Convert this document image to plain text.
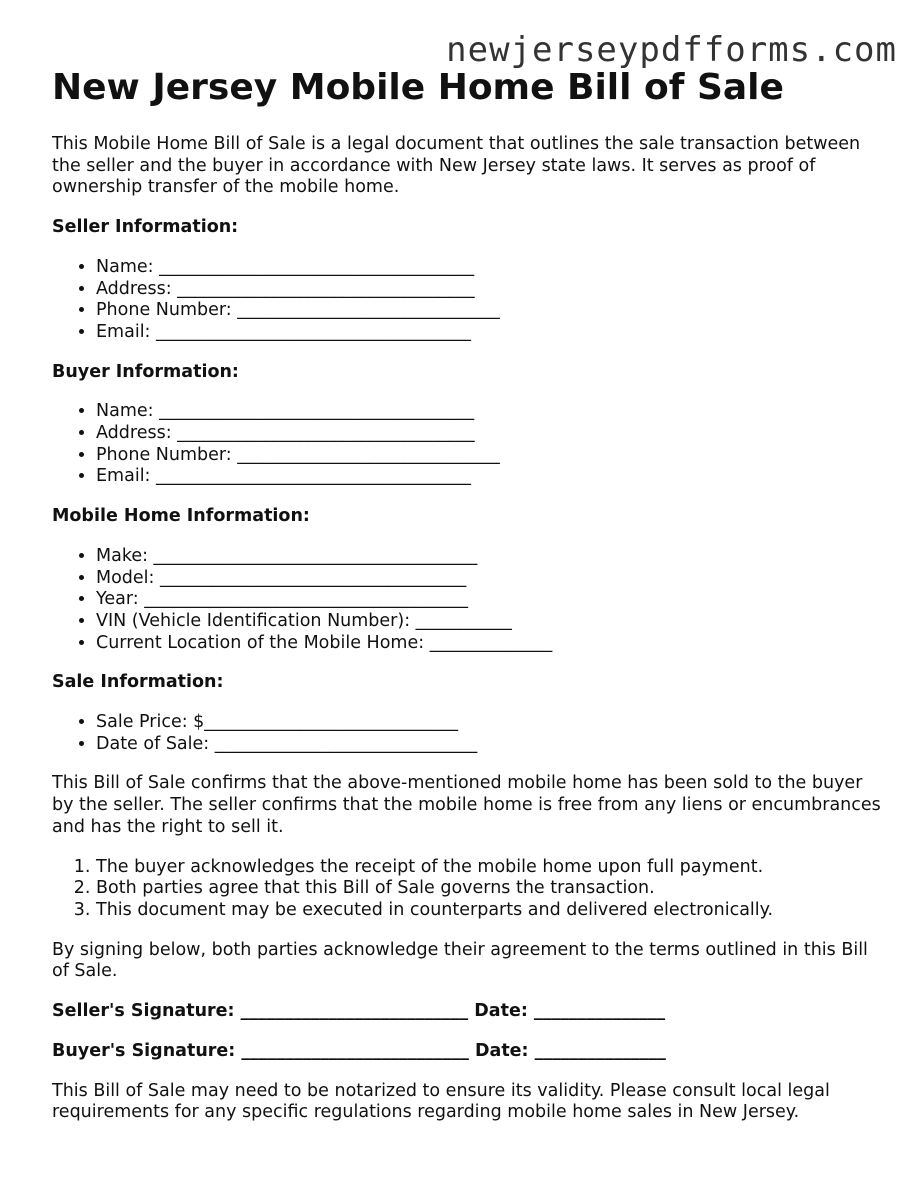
newjerseypdfforms.com
New Jersey Mobile Home Bill of Sale

This Mobile Home Bill of Sale is a legal document that outlines the sale transaction between the seller and the buyer in accordance with New Jersey state laws. It serves as proof of ownership transfer of the mobile home.

Seller Information:
• Name: ____________________________________
• Address: __________________________________
• Phone Number: ______________________________
• Email: ____________________________________
Buyer Information:
• Name: ____________________________________
• Address: __________________________________
• Phone Number: ______________________________
• Email: ____________________________________
Mobile Home Information:
• Make: _____________________________________
• Model: ___________________________________
• Year: _____________________________________
• VIN (Vehicle Identification Number): ___________
• Current Location of the Mobile Home: ______________
Sale Information:
• Sale Price: $_____________________________
• Date of Sale: ______________________________

This Bill of Sale confirms that the above-mentioned mobile home has been sold to the buyer by the seller. The seller confirms that the mobile home is free from any liens or encumbrances and has the right to sell it.

1. The buyer acknowledges the receipt of the mobile home upon full payment.
2. Both parties agree that this Bill of Sale governs the transaction.
3. This document may be executed in counterparts and delivered electronically.

By signing below, both parties acknowledge their agreement to the terms outlined in this Bill of Sale.

Seller's Signature: __________________________ Date: _______________
Buyer's Signature: __________________________ Date: _______________

This Bill of Sale may need to be notarized to ensure its validity. Please consult local legal requirements for any specific regulations regarding mobile home sales in New Jersey.
